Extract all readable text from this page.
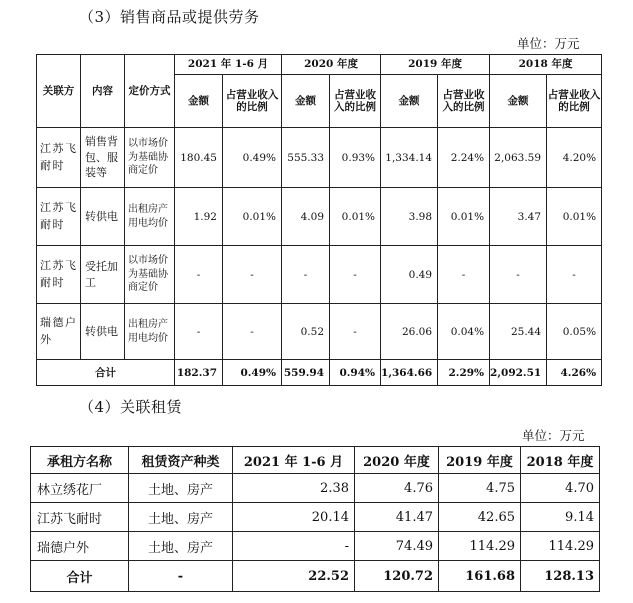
（3）销售商品或提供劳务
单位：万元
关联方	内容	定价方式	2021 年 1-6 月		2020 年度		2019 年度		2018 年度	
			金额	占营业收入的比例	金额	占营业收入的比例	金额	占营业收入的比例	金额	占营业收入的比例
江苏飞耐时	销售背包、服装等	以市场价为基础协商定价	180.45	0.49%	555.33	0.93%	1,334.14	2.24%	2,063.59	4.20%
江苏飞耐时	转供电	出租房产用电均价	1.92	0.01%	4.09	0.01%	3.98	0.01%	3.47	0.01%
江苏飞耐时	受托加工	以市场价为基础协商定价	-	-	-	-	0.49	-	-	-
瑞德户外	转供电	出租房产用电均价	-	-	0.52	-	26.06	0.04%	25.44	0.05%
合计			182.37	0.49%	559.94	0.94%	1,364.66	2.29%	2,092.51	4.26%
（4）关联租赁
单位：万元
承租方名称	租赁资产种类	2021 年 1-6 月	2020 年度	2019 年度	2018 年度
林立绣花厂	土地、房产	2.38	4.76	4.75	4.70
江苏飞耐时	土地、房产	20.14	41.47	42.65	9.14
瑞德户外	土地、房产	-	74.49	114.29	114.29
合计	-	22.52	120.72	161.68	128.13
